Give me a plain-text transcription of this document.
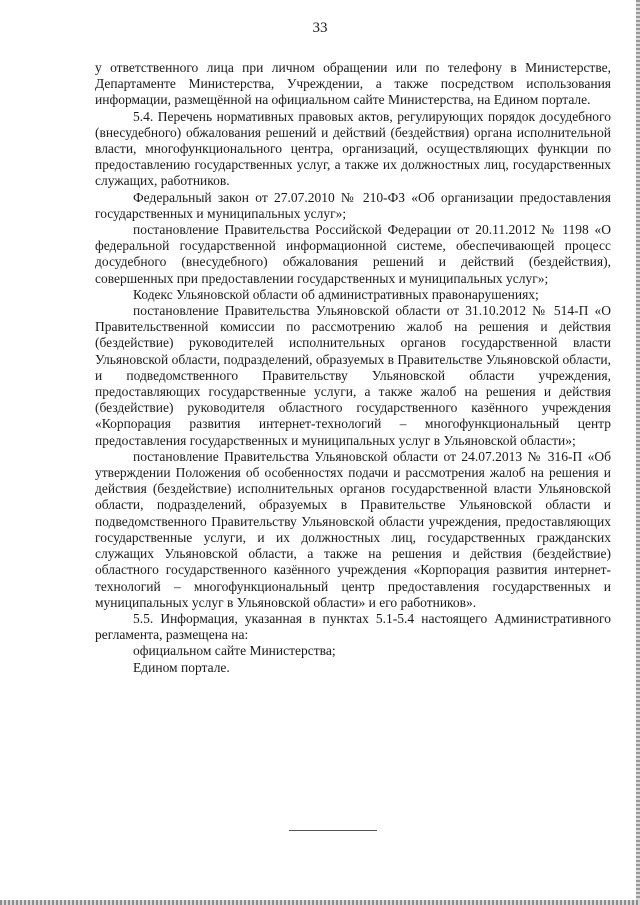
33

у ответственного лица при личном обращении или по телефону в Министерстве, Департаменте Министерства, Учреждении, а также посредством использования информации, размещённой на официальном сайте Министерства, на Едином портале.

5.4. Перечень нормативных правовых актов, регулирующих порядок досудебного (внесудебного) обжалования решений и действий (бездействия) органа исполнительной власти, многофункционального центра, организаций, осуществляющих функции по предоставлению государственных услуг, а также их должностных лиц, государственных служащих, работников.

Федеральный закон от 27.07.2010 № 210-ФЗ «Об организации предоставления государственных и муниципальных услуг»;

постановление Правительства Российской Федерации от 20.11.2012 № 1198 «О федеральной государственной информационной системе, обеспечивающей процесс досудебного (внесудебного) обжалования решений и действий (бездействия), совершенных при предоставлении государственных и муниципальных услуг»;

Кодекс Ульяновской области об административных правонарушениях;

постановление Правительства Ульяновской области от 31.10.2012 № 514-П «О Правительственной комиссии по рассмотрению жалоб на решения и действия (бездействие) руководителей исполнительных органов государственной власти Ульяновской области, подразделений, образуемых в Правительстве Ульяновской области, и подведомственного Правительству Ульяновской области учреждения, предоставляющих государственные услуги, а также жалоб на решения и действия (бездействие) руководителя областного государственного казённого учреждения «Корпорация развития интернет-технологий – многофункциональный центр предоставления государственных и муниципальных услуг в Ульяновской области»;

постановление Правительства Ульяновской области от 24.07.2013 № 316-П «Об утверждении Положения об особенностях подачи и рассмотрения жалоб на решения и действия (бездействие) исполнительных органов государственной власти Ульяновской области, подразделений, образуемых в Правительстве Ульяновской области и подведомственного Правительству Ульяновской области учреждения, предоставляющих государственные услуги, и их должностных лиц, государственных гражданских служащих Ульяновской области, а также на решения и действия (бездействие) областного государственного казённого учреждения «Корпорация развития интернет-технологий – многофункциональный центр предоставления государственных и муниципальных услуг в Ульяновской области» и его работников».

5.5. Информация, указанная в пунктах 5.1-5.4 настоящего Административного регламента, размещена на:

официальном сайте Министерства;

Едином портале.
